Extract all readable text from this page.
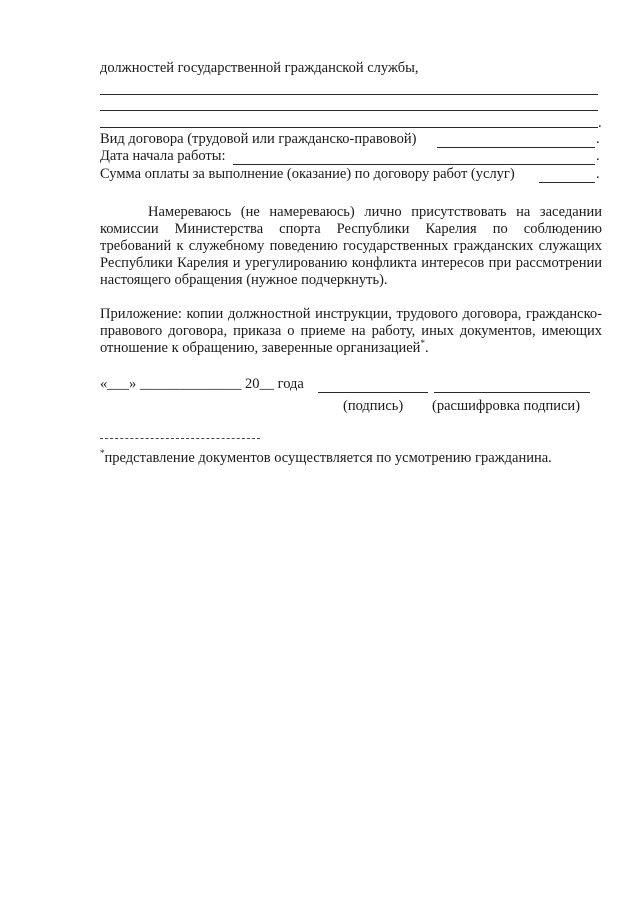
должностей государственной гражданской службы,
.
Вид договора (трудовой или гражданско-правовой)	.
Дата начала работы:	.
Сумма оплаты за выполнение (оказание) по договору работ (услуг)	.
Намереваюсь (не намереваюсь) лично присутствовать на заседании комиссии Министерства спорта Республики Карелия по соблюдению требований к служебному поведению государственных гражданских служащих Республики Карелия и урегулированию конфликта интересов при рассмотрении настоящего обращения (нужное подчеркнуть).
Приложение: копии должностной инструкции, трудового договора, гражданско-правового договора, приказа о приеме на работу, иных документов, имеющих отношение к обращению, заверенные организацией*.
«___» ______________ 20__ года
(подпись) (расшифровка подписи)
*представление документов осуществляется по усмотрению гражданина.
